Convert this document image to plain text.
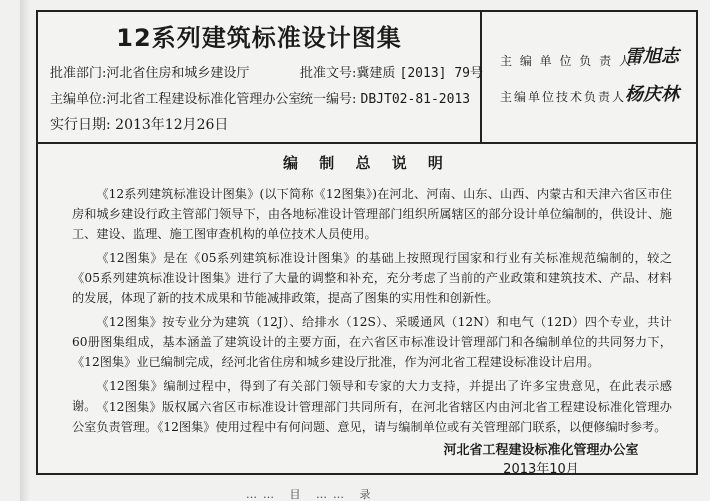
12系列建筑标准设计图集
批准部门:河北省住房和城乡建设厅	批准文号:冀建质 [2013] 79号
主编单位:河北省工程建设标准化管理办公室
统一编号: DBJT02-81-2013
实行日期: 2013年12月26日
主 编 单 位 负 责 人:
雷旭志
主编单位技术负责人:
杨庆林
编 制 总 说 明
《12系列建筑标准设计图集》(以下简称《12图集》)在河北、河南、山东、山西、内蒙古和天津六省区市住房和城乡建设行政主管部门领导下，由各地标准设计管理部门组织所属辖区的部分设计单位编制的，供设计、施工、建设、监理、施工图审查机构的单位技术人员使用。
《12图集》是在《05系列建筑标准设计图集》的基础上按照现行国家和行业有关标准规范编制的，较之《05系列建筑标准设计图集》进行了大量的调整和补充，充分考虑了当前的产业政策和建筑技术、产品、材料的发展，体现了新的技术成果和节能减排政策，提高了图集的实用性和创新性。
《12图集》按专业分为建筑（12J）、给排水（12S）、采暖通风（12N）和电气（12D）四个专业，共计60册图集组成，基本涵盖了建筑设计的主要方面，在六省区市标准设计管理部门和各编制单位的共同努力下，《12图集》业已编制完成，经河北省住房和城乡建设厅批准，作为河北省工程建设标准设计启用。
《12图集》编制过程中，得到了有关部门领导和专家的大力支持，并提出了许多宝贵意见，在此表示感谢。 《12图集》版权属六省区市标准设计管理部门共同所有，在河北省辖区内由河北省工程建设标准化管理办公室负责管理。《12图集》使用过程中有何问题、意见，请与编制单位或有关管理部门联系，以便修编时参考。
河北省工程建设标准化管理办公室
2013年10月
…… 目 …… 录
